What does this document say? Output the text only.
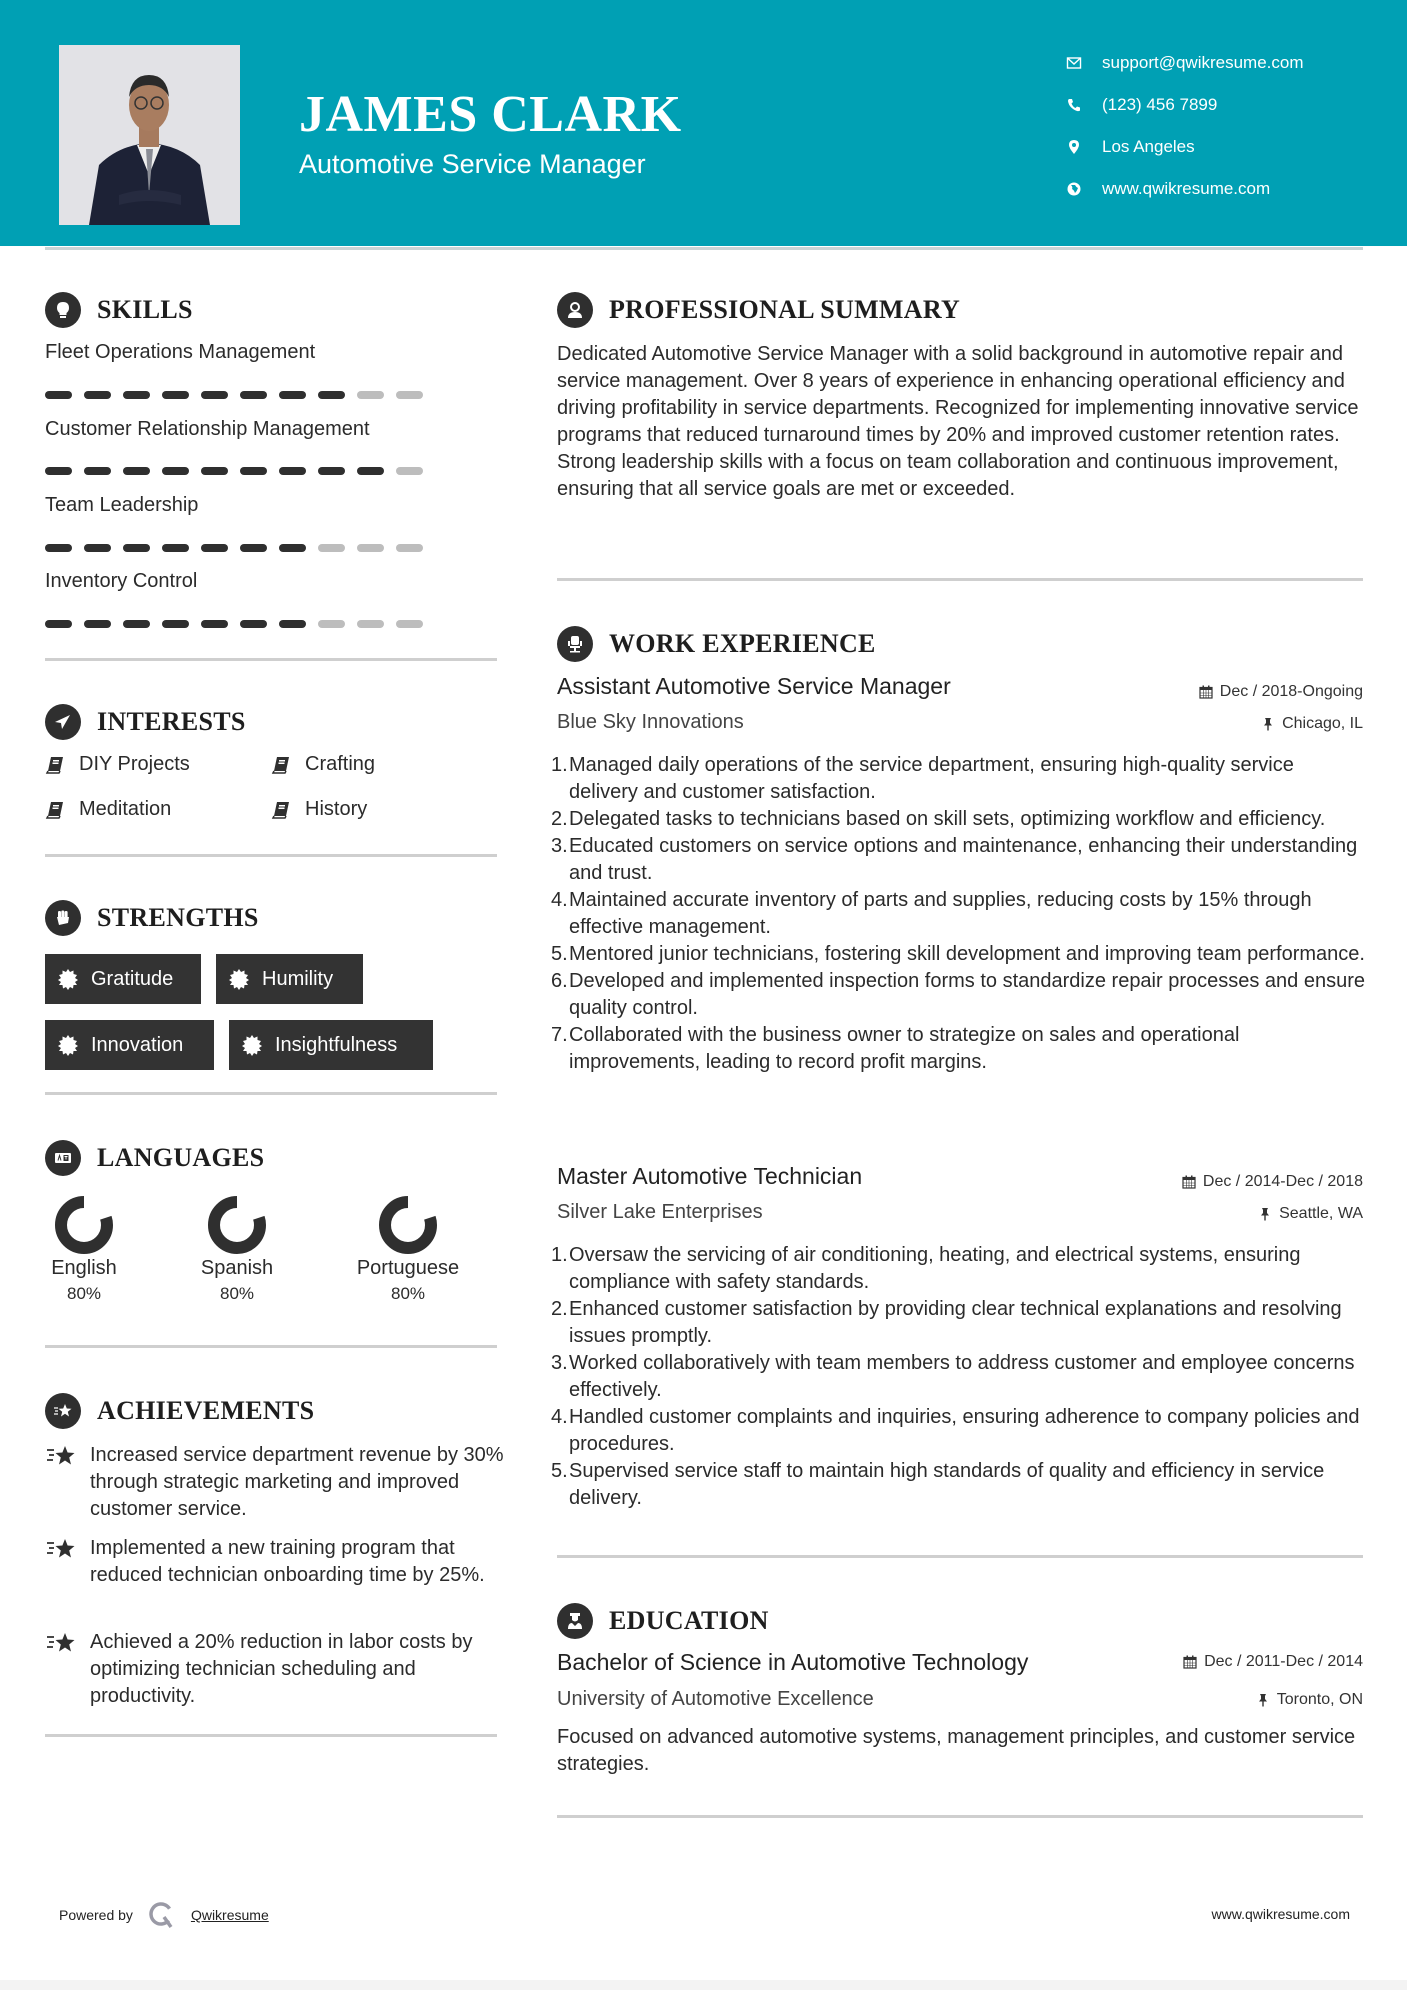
JAMES CLARK
Automotive Service Manager
support@qwikresume.com
(123) 456 7899
Los Angeles
www.qwikresume.com
SKILLS
Fleet Operations Management
Customer Relationship Management
Team Leadership
Inventory Control
INTERESTS
DIY Projects	Crafting
Meditation	History
STRENGTHS
Gratitude	Humility
Innovation	Insightfulness
LANGUAGES
English
80%
Spanish
80%
Portuguese
80%
ACHIEVEMENTS
Increased service department revenue by 30% through strategic marketing and improved customer service.
Implemented a new training program that reduced technician onboarding time by 25%.
Achieved a 20% reduction in labor costs by optimizing technician scheduling and productivity.
PROFESSIONAL SUMMARY
Dedicated Automotive Service Manager with a solid background in automotive repair and service management. Over 8 years of experience in enhancing operational efficiency and driving profitability in service departments. Recognized for implementing innovative service programs that reduced turnaround times by 20% and improved customer retention rates. Strong leadership skills with a focus on team collaboration and continuous improvement, ensuring that all service goals are met or exceeded.
WORK EXPERIENCE
Assistant Automotive Service Manager	Dec / 2018-Ongoing
Blue Sky Innovations	Chicago, IL
1. Managed daily operations of the service department, ensuring high-quality service delivery and customer satisfaction.
2. Delegated tasks to technicians based on skill sets, optimizing workflow and efficiency.
3. Educated customers on service options and maintenance, enhancing their understanding and trust.
4. Maintained accurate inventory of parts and supplies, reducing costs by 15% through effective management.
5. Mentored junior technicians, fostering skill development and improving team performance.
6. Developed and implemented inspection forms to standardize repair processes and ensure quality control.
7. Collaborated with the business owner to strategize on sales and operational improvements, leading to record profit margins.
Master Automotive Technician	Dec / 2014-Dec / 2018
Silver Lake Enterprises	Seattle, WA
1. Oversaw the servicing of air conditioning, heating, and electrical systems, ensuring compliance with safety standards.
2. Enhanced customer satisfaction by providing clear technical explanations and resolving issues promptly.
3. Worked collaboratively with team members to address customer and employee concerns effectively.
4. Handled customer complaints and inquiries, ensuring adherence to company policies and procedures.
5. Supervised service staff to maintain high standards of quality and efficiency in service delivery.
EDUCATION
Bachelor of Science in Automotive Technology	Dec / 2011-Dec / 2014
University of Automotive Excellence	Toronto, ON
Focused on advanced automotive systems, management principles, and customer service strategies.
Powered by	Qwikresume	www.qwikresume.com
